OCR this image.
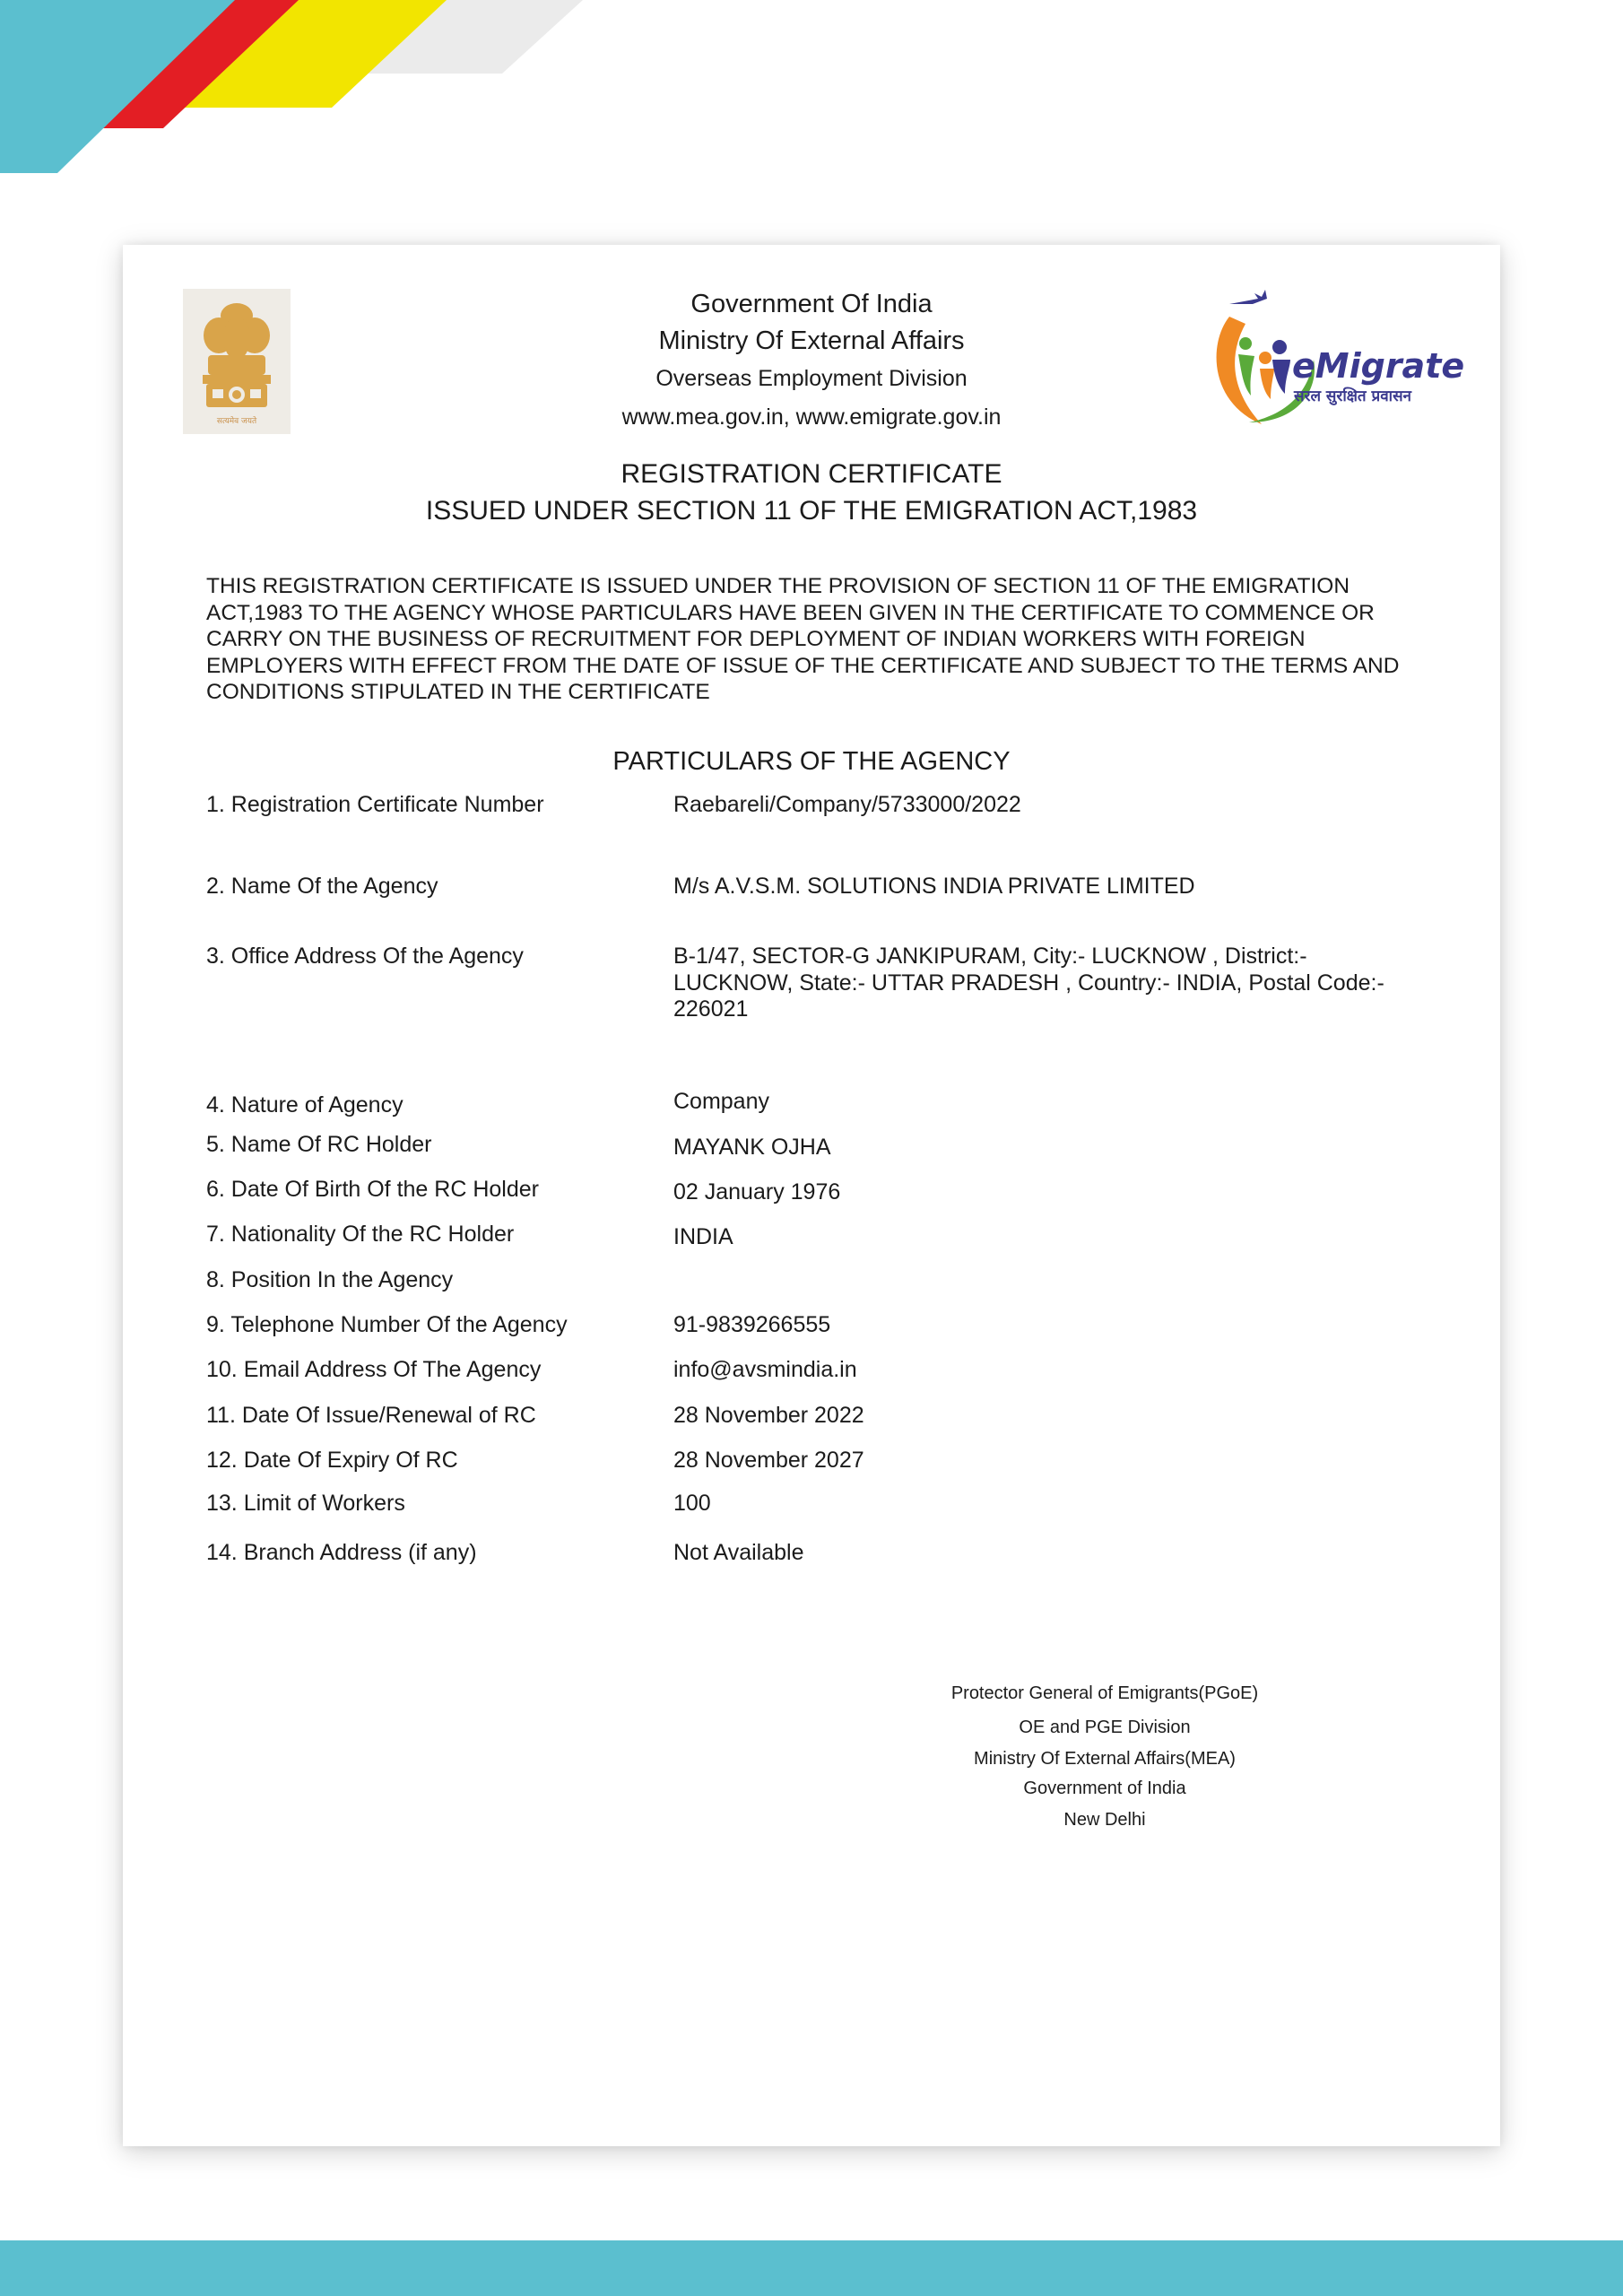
सत्यमेव जयते
eMigrate
सरल सुरक्षित प्रवासन
Government Of India
Ministry Of External Affairs
Overseas Employment Division
www.mea.gov.in, www.emigrate.gov.in
REGISTRATION CERTIFICATE
ISSUED UNDER SECTION 11 OF THE EMIGRATION ACT,1983
THIS REGISTRATION CERTIFICATE IS ISSUED UNDER THE PROVISION OF SECTION 11 OF THE EMIGRATION ACT,1983 TO THE AGENCY WHOSE PARTICULARS HAVE BEEN GIVEN IN THE CERTIFICATE TO COMMENCE OR CARRY ON THE BUSINESS OF RECRUITMENT FOR DEPLOYMENT OF INDIAN WORKERS WITH FOREIGN EMPLOYERS WITH EFFECT FROM THE DATE OF ISSUE OF THE CERTIFICATE AND SUBJECT TO THE TERMS AND CONDITIONS STIPULATED IN THE CERTIFICATE
PARTICULARS OF THE AGENCY
1. Registration Certificate Number	Raebareli/Company/5733000/2022
2. Name Of the Agency	M/s A.V.S.M. SOLUTIONS INDIA PRIVATE LIMITED
3. Office Address Of the Agency	B-1/47, SECTOR-G JANKIPURAM, City:- LUCKNOW , District:- LUCKNOW, State:- UTTAR PRADESH , Country:- INDIA, Postal Code:- 226021
4. Nature of Agency	Company
5. Name Of RC Holder	MAYANK OJHA
6. Date Of Birth Of the RC Holder	02 January 1976
7. Nationality Of the RC Holder	INDIA
8. Position In the Agency
9. Telephone Number Of the Agency	91-9839266555
10. Email Address Of The Agency	info@avsmindia.in
11. Date Of Issue/Renewal of RC	28 November 2022
12. Date Of Expiry Of RC	28 November 2027
13. Limit of Workers	100
14. Branch Address (if any)	Not Available
Protector General of Emigrants(PGoE)
OE and PGE Division
Ministry Of External Affairs(MEA)
Government of India
New Delhi
